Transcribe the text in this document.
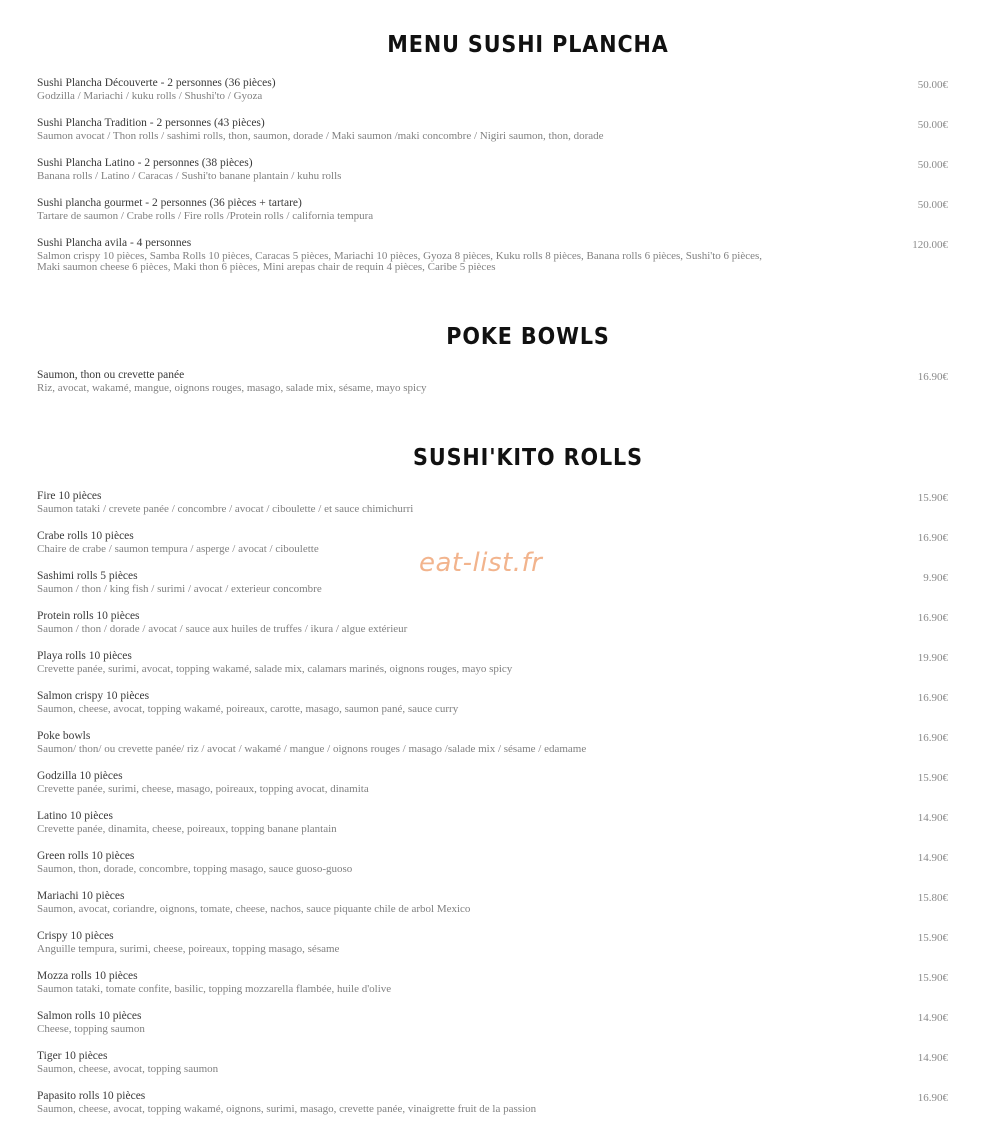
MENU SUSHI PLANCHA
Sushi Plancha Découverte - 2 personnes (36 pièces)
Godzilla / Mariachi / kuku rolls / Shushi'to / Gyoza
50.00€
Sushi Plancha Tradition - 2 personnes (43 pièces)
Saumon avocat / Thon rolls / sashimi rolls, thon, saumon, dorade / Maki saumon /maki concombre / Nigiri saumon, thon, dorade
50.00€
Sushi Plancha Latino - 2 personnes (38 pièces)
Banana rolls / Latino / Caracas / Sushi'to banane plantain / kuhu rolls
50.00€
Sushi plancha gourmet - 2 personnes (36 pièces + tartare)
Tartare de saumon / Crabe rolls / Fire rolls /Protein rolls / california tempura
50.00€
Sushi Plancha avila - 4 personnes
Salmon crispy 10 pièces, Samba Rolls 10 pièces, Caracas 5 pièces, Mariachi 10 pièces, Gyoza 8 pièces, Kuku rolls 8 pièces, Banana rolls 6 pièces, Sushi'to 6 pièces,
Maki saumon cheese 6 pièces, Maki thon 6 pièces, Mini arepas chair de requin 4 pièces, Caribe 5 pièces
120.00€
POKE BOWLS
Saumon, thon ou crevette panée
Riz, avocat, wakamé, mangue, oignons rouges, masago, salade mix, sésame, mayo spicy
16.90€
SUSHI'KITO ROLLS
Fire 10 pièces
Saumon tataki / crevete panée / concombre / avocat / ciboulette / et sauce chimichurri
15.90€
Crabe rolls 10 pièces
Chaire de crabe / saumon tempura / asperge / avocat / ciboulette
16.90€
Sashimi rolls 5 pièces
Saumon / thon / king fish / surimi / avocat / exterieur concombre
9.90€
Protein rolls 10 pièces
Saumon / thon / dorade / avocat / sauce aux huiles de truffes / ikura / algue extérieur
16.90€
Playa rolls 10 pièces
Crevette panée, surimi, avocat, topping wakamé, salade mix, calamars marinés, oignons rouges, mayo spicy
19.90€
Salmon crispy 10 pièces
Saumon, cheese, avocat, topping wakamé, poireaux, carotte, masago, saumon pané, sauce curry
16.90€
Poke bowls
Saumon/ thon/ ou crevette panée/ riz / avocat / wakamé / mangue / oignons rouges / masago /salade mix / sésame / edamame
16.90€
Godzilla 10 pièces
Crevette panée, surimi, cheese, masago, poireaux, topping avocat, dinamita
15.90€
Latino 10 pièces
Crevette panée, dinamita, cheese, poireaux, topping banane plantain
14.90€
Green rolls 10 pièces
Saumon, thon, dorade, concombre, topping masago, sauce guoso-guoso
14.90€
Mariachi 10 pièces
Saumon, avocat, coriandre, oignons, tomate, cheese, nachos, sauce piquante chile de arbol Mexico
15.80€
Crispy 10 pièces
Anguille tempura, surimi, cheese, poireaux, topping masago, sésame
15.90€
Mozza rolls 10 pièces
Saumon tataki, tomate confite, basilic, topping mozzarella flambée, huile d'olive
15.90€
Salmon rolls 10 pièces
Cheese, topping saumon
14.90€
Tiger 10 pièces
Saumon, cheese, avocat, topping saumon
14.90€
Papasito rolls 10 pièces
Saumon, cheese, avocat, topping wakamé, oignons, surimi, masago, crevette panée, vinaigrette fruit de la passion
16.90€
eat-list.fr
